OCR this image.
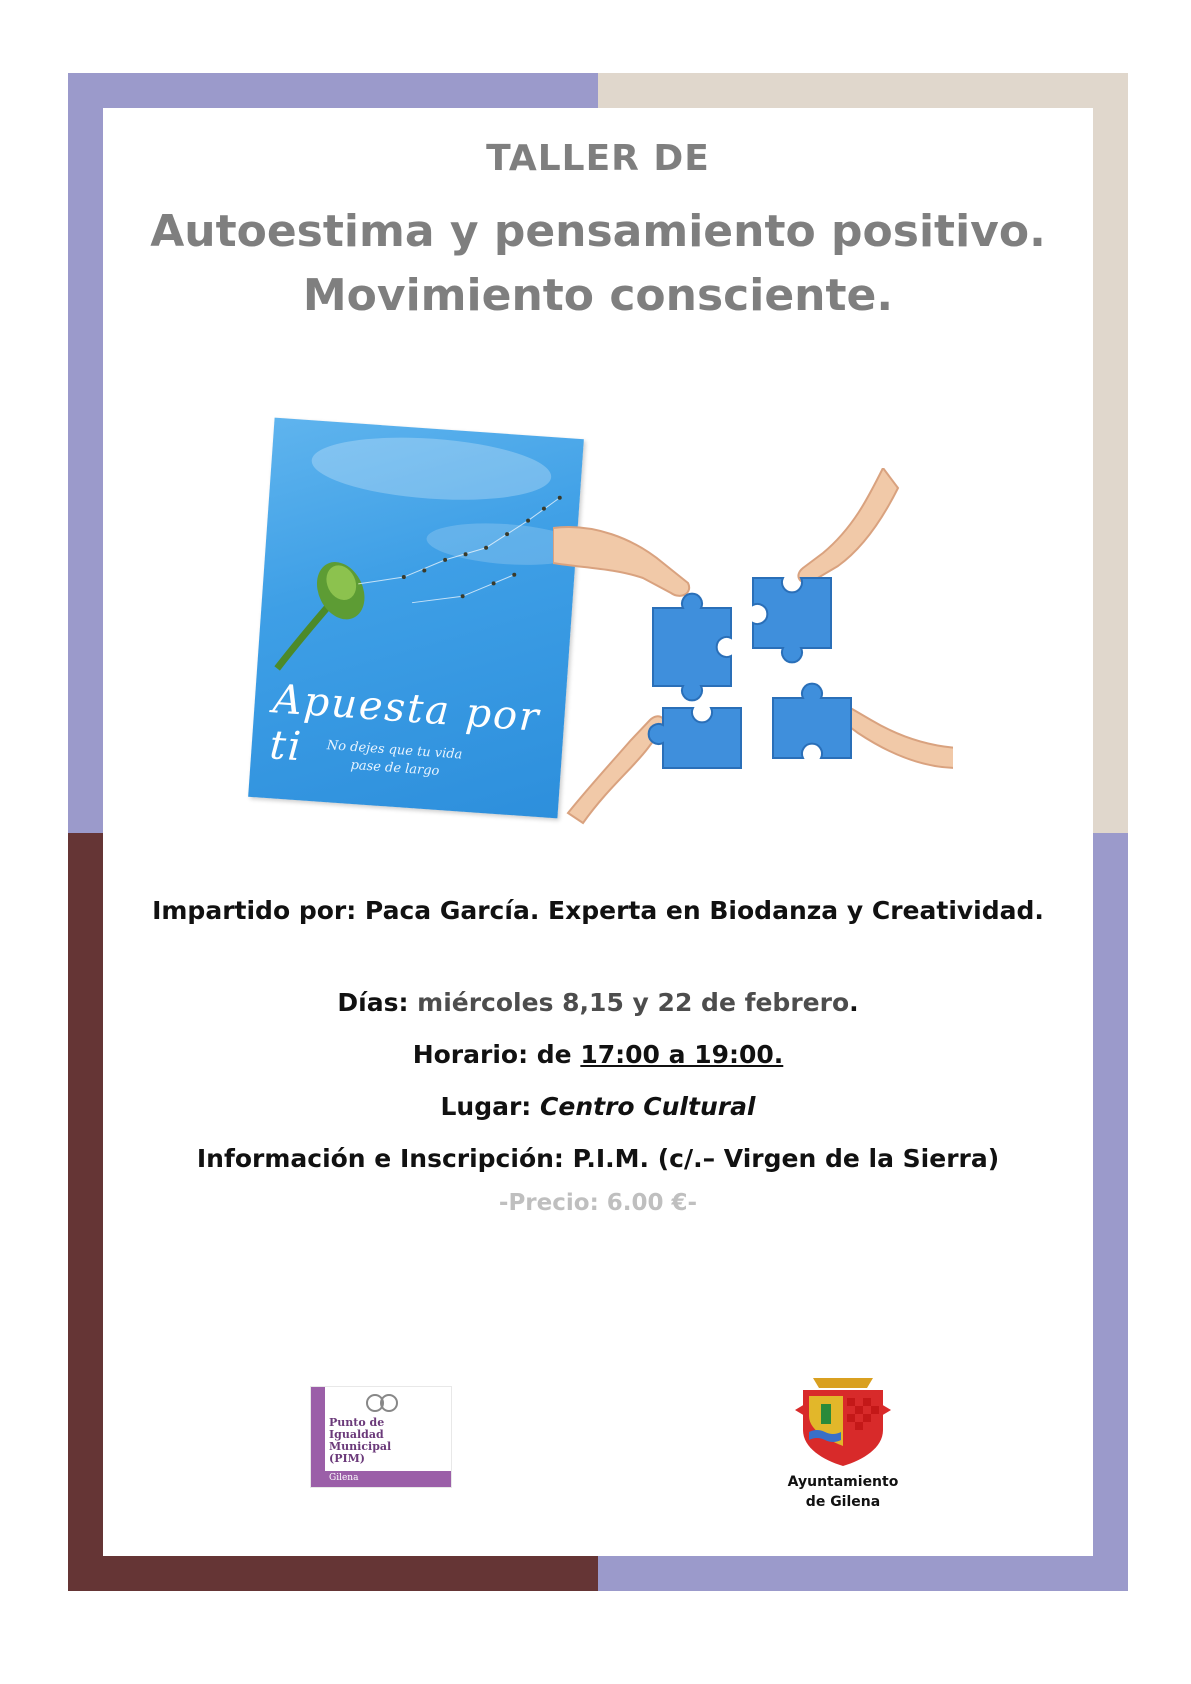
TALLER DE
Autoestima y pensamiento positivo.
Movimiento consciente.
Apuesta por ti	No dejes que tu vida
pase de largo
Impartido por: Paca García. Experta en Biodanza y Creatividad.
Días: miércoles 8,15 y 22 de febrero.
Horario: de 17:00 a 19:00.
Lugar: Centro Cultural
Información e Inscripción: P.I.M. (c/.– Virgen de la Sierra)
-Precio: 6.00 €-
Punto de
Igualdad
Municipal
(PIM)
Gilena	Ayuntamiento
de Gilena
